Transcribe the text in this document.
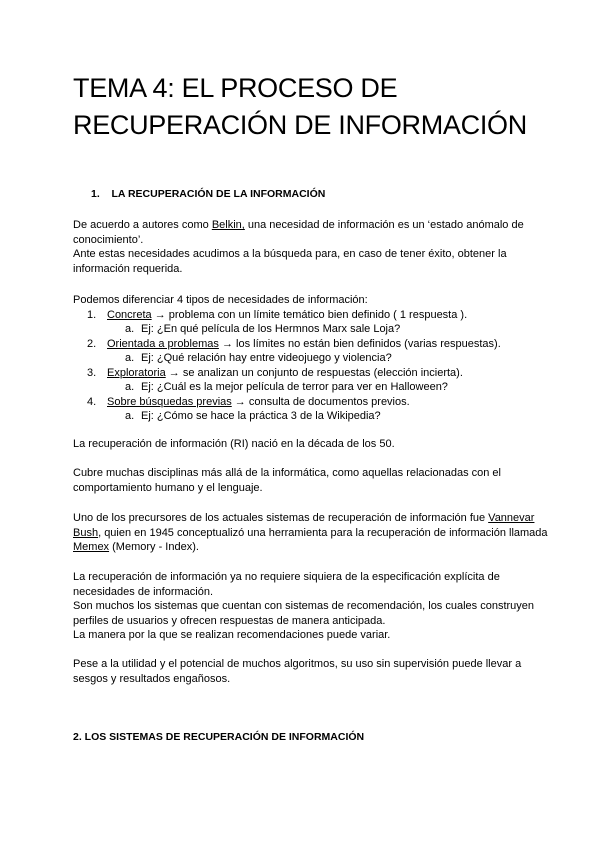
TEMA 4: EL PROCESO DE
RECUPERACIÓN DE INFORMACIÓN
1. LA RECUPERACIÓN DE LA INFORMACIÓN

De acuerdo a autores como Belkin, una necesidad de información es un ‘estado anómalo de conocimiento’.
Ante estas necesidades acudimos a la búsqueda para, en caso de tener éxito, obtener la información requerida.

Podemos diferenciar 4 tipos de necesidades de información:
1. Concreta → problema con un límite temático bien definido ( 1 respuesta ).
a. Ej: ¿En qué película de los Hermnos Marx sale Loja?
2. Orientada a problemas → los límites no están bien definidos (varias respuestas).
a. Ej: ¿Qué relación hay entre videojuego y violencia?
3. Exploratoria → se analizan un conjunto de respuestas (elección incierta).
a. Ej: ¿Cuál es la mejor película de terror para ver en Halloween?
4. Sobre búsquedas previas → consulta de documentos previos.
a. Ej: ¿Cómo se hace la práctica 3 de la Wikipedia?

La recuperación de información (RI) nació en la década de los 50.

Cubre muchas disciplinas más allá de la informática, como aquellas relacionadas con el comportamiento humano y el lenguaje.

Uno de los precursores de los actuales sistemas de recuperación de información fue Vannevar Bush, quien en 1945 conceptualizó una herramienta para la recuperación de información llamada Memex (Memory - Index).

La recuperación de información ya no requiere siquiera de la especificación explícita de necesidades de información.
Son muchos los sistemas que cuentan con sistemas de recomendación, los cuales construyen perfiles de usuarios y ofrecen respuestas de manera anticipada.
La manera por la que se realizan recomendaciones puede variar.

Pese a la utilidad y el potencial de muchos algoritmos, su uso sin supervisión puede llevar a sesgos y resultados engañosos.

2. LOS SISTEMAS DE RECUPERACIÓN DE INFORMACIÓN
